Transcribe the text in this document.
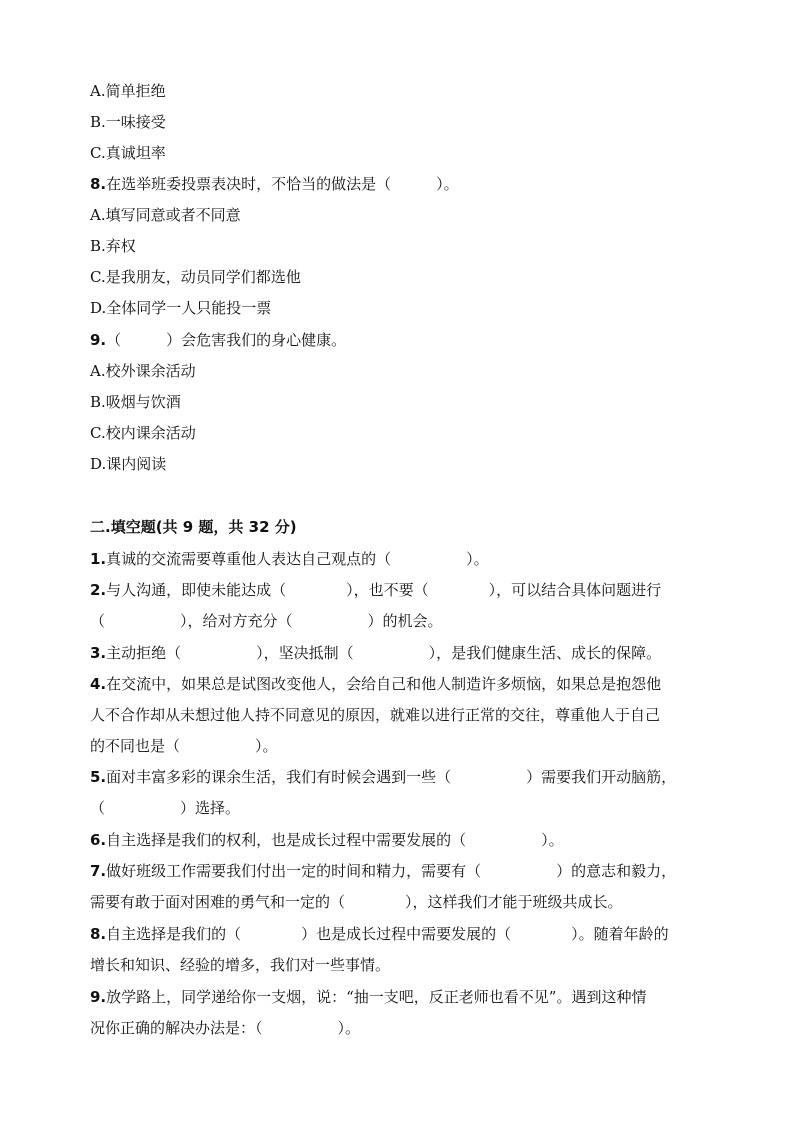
A.简单拒绝
B.一味接受
C.真诚坦率
8.在选举班委投票表决时，不恰当的做法是（　　　）。
A.填写同意或者不同意
B.弃权
C.是我朋友，动员同学们都选他
D.全体同学一人只能投一票
9.（　　　）会危害我们的身心健康。
A.校外课余活动
B.吸烟与饮酒
C.校内课余活动
D.课内阅读
二.填空题(共 9 题，共 32 分)
1.真诚的交流需要尊重他人表达自己观点的（　　　　　）。
2.与人沟通，即使未能达成（　　　　），也不要（　　　　），可以结合具体问题进行
（　　　　　），给对方充分（　　　　　）的机会。
3.主动拒绝（　　　　　），坚决抵制（　　　　　），是我们健康生活、成长的保障。
4.在交流中，如果总是试图改变他人，会给自己和他人制造许多烦恼，如果总是抱怨他
人不合作却从未想过他人持不同意见的原因，就难以进行正常的交往，尊重他人于自己
的不同也是（　　　　　）。
5.面对丰富多彩的课余生活，我们有时候会遇到一些（　　　　　）需要我们开动脑筋，
（　　　　　）选择。
6.自主选择是我们的权利，也是成长过程中需要发展的（　　　　　）。
7.做好班级工作需要我们付出一定的时间和精力，需要有（　　　　　）的意志和毅力，
需要有敢于面对困难的勇气和一定的（　　　　），这样我们才能于班级共成长。
8.自主选择是我们的（　　　　）也是成长过程中需要发展的（　　　　）。随着年龄的
增长和知识、经验的增多，我们对一些事情。
9.放学路上，同学递给你一支烟，说：“抽一支吧，反正老师也看不见”。遇到这种情
况你正确的解决办法是：（　　　　　）。
